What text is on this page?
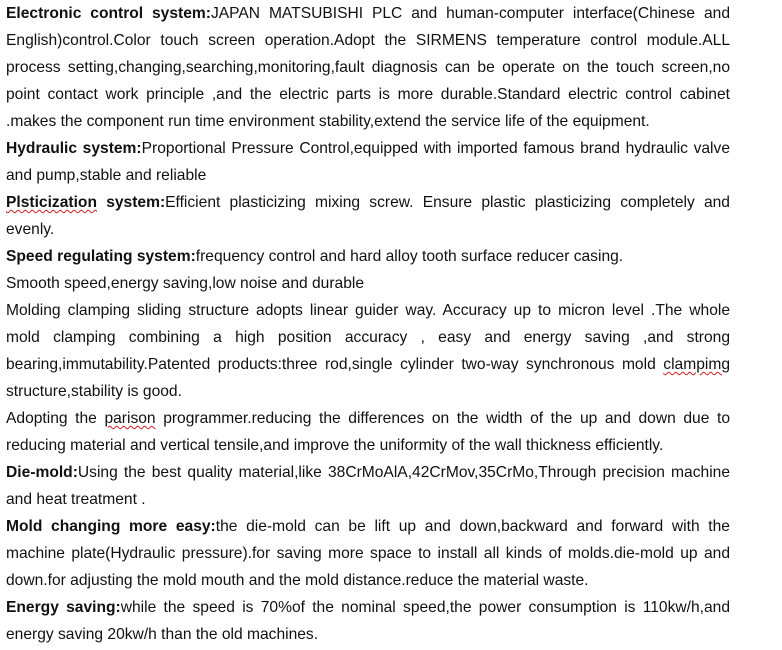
Electronic control system:JAPAN MATSUBISHI PLC and human-computer interface(Chinese and English)control.Color touch screen operation.Adopt the SIRMENS temperature control module.ALL process setting,changing,searching,monitoring,fault diagnosis can be operate on the touch screen,no point contact work principle ,and the electric parts is more durable.Standard electric control cabinet .makes the component run time environment stability,extend the service life of the equipment.

Hydraulic system:Proportional Pressure Control,equipped with imported famous brand hydraulic valve and pump,stable and reliable

Plsticization system:Efficient plasticizing mixing screw. Ensure plastic plasticizing completely and evenly.

Speed regulating system:frequency control and hard alloy tooth surface reducer casing.

Smooth speed,energy saving,low noise and durable

Molding clamping sliding structure adopts linear guider way. Accuracy up to micron level .The whole mold clamping combining a high position accuracy , easy and energy saving ,and strong bearing,immutability.Patented products:three rod,single cylinder two-way synchronous mold clampimg structure,stability is good.

Adopting the parison programmer.reducing the differences on the width of the up and down due to reducing material and vertical tensile,and improve the uniformity of the wall thickness efficiently.

Die-mold:Using the best quality material,like 38CrMoAlA,42CrMov,35CrMo,Through precision machine and heat treatment .

Mold changing more easy:the die-mold can be lift up and down,backward and forward with the machine plate(Hydraulic pressure).for saving more space to install all kinds of molds.die-mold up and down.for adjusting the mold mouth and the mold distance.reduce the material waste.

Energy saving:while the speed is 70%of the nominal speed,the power consumption is 110kw/h,and energy saving 20kw/h than the old machines.
